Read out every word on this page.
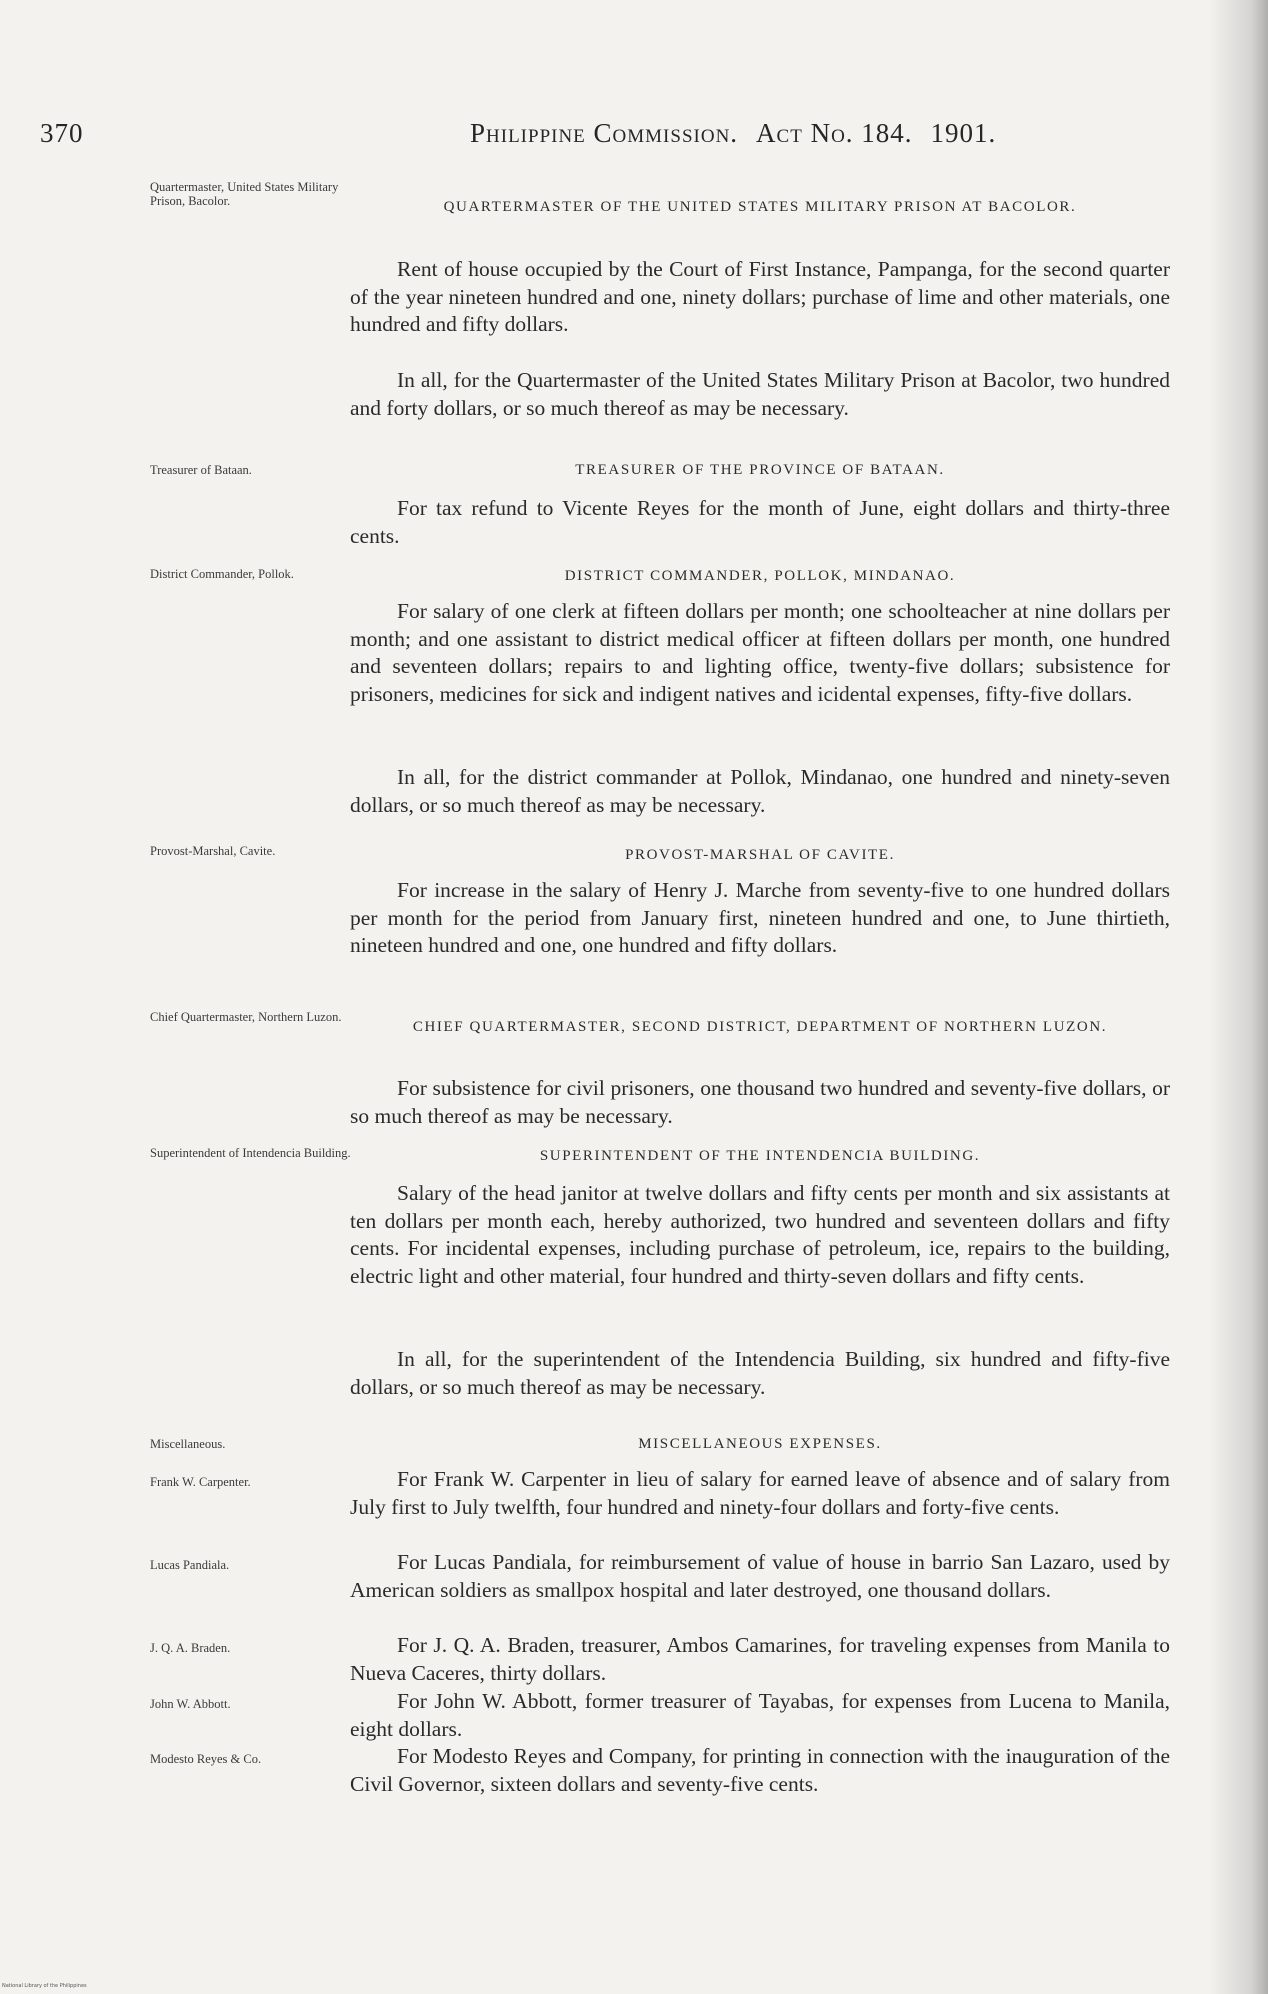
370	Philippine Commission. Act No. 184. 1901.
Quartermaster, United States Military Prison, Bacolor.	QUARTERMASTER OF THE UNITED STATES MILITARY PRISON AT BACOLOR.
Rent of house occupied by the Court of First Instance, Pampanga, for the second quarter of the year nineteen hundred and one, ninety dollars; purchase of lime and other materials, one hundred and fifty dollars.
In all, for the Quartermaster of the United States Military Prison at Bacolor, two hundred and forty dollars, or so much thereof as may be necessary.
Treasurer of Bataan.	TREASURER OF THE PROVINCE OF BATAAN.
For tax refund to Vicente Reyes for the month of June, eight dollars and thirty-three cents.
District Commander, Pollok.	DISTRICT COMMANDER, POLLOK, MINDANAO.
For salary of one clerk at fifteen dollars per month; one schoolteacher at nine dollars per month; and one assistant to district medical officer at fifteen dollars per month, one hundred and seventeen dollars; repairs to and lighting office, twenty-five dollars; subsistence for prisoners, medicines for sick and indigent natives and icidental expenses, fifty-five dollars.
In all, for the district commander at Pollok, Mindanao, one hundred and ninety-seven dollars, or so much thereof as may be necessary.
Provost-Marshal, Cavite.	PROVOST-MARSHAL OF CAVITE.
For increase in the salary of Henry J. Marche from seventy-five to one hundred dollars per month for the period from January first, nineteen hundred and one, to June thirtieth, nineteen hundred and one, one hundred and fifty dollars.
Chief Quartermaster, Northern Luzon.
CHIEF QUARTERMASTER, SECOND DISTRICT, DEPARTMENT OF NORTHERN LUZON.
For subsistence for civil prisoners, one thousand two hundred and seventy-five dollars, or so much thereof as may be necessary.
Superintendent of Intendencia Building.	SUPERINTENDENT OF THE INTENDENCIA BUILDING.
Salary of the head janitor at twelve dollars and fifty cents per month and six assistants at ten dollars per month each, hereby authorized, two hundred and seventeen dollars and fifty cents. For incidental expenses, including purchase of petroleum, ice, repairs to the building, electric light and other material, four hundred and thirty-seven dollars and fifty cents.
In all, for the superintendent of the Intendencia Building, six hundred and fifty-five dollars, or so much thereof as may be necessary.
Miscellaneous.	MISCELLANEOUS EXPENSES.
Frank W. Carpenter.	For Frank W. Carpenter in lieu of salary for earned leave of absence and of salary from July first to July twelfth, four hundred and ninety-four dollars and forty-five cents.
Lucas Pandiala.	For Lucas Pandiala, for reimbursement of value of house in barrio San Lazaro, used by American soldiers as smallpox hospital and later destroyed, one thousand dollars.
J. Q. A. Braden.	For J. Q. A. Braden, treasurer, Ambos Camarines, for traveling expenses from Manila to Nueva Caceres, thirty dollars.
John W. Abbott.	For John W. Abbott, former treasurer of Tayabas, for expenses from Lucena to Manila, eight dollars.
Modesto Reyes & Co.	For Modesto Reyes and Company, for printing in connection with the inauguration of the Civil Governor, sixteen dollars and seventy-five cents.
National Library of the Philippines
